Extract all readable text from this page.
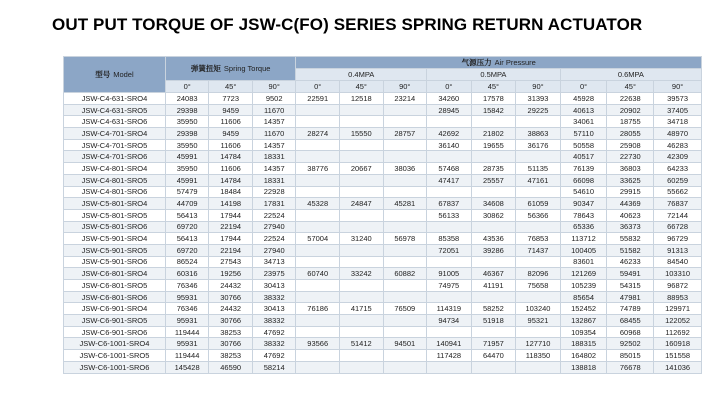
OUT PUT TORQUE OF JSW-C(FO) SERIES SPRING RETURN ACTUATOR
型号 Model	弹簧扭矩 Spring Torque			气源压力 Air Pressure								
				0.4MPA			0.5MPA			0.6MPA		
	0°	45°	90°	0°	45°	90°	0°	45°	90°	0°	45°	90°
JSW-C4-631-SRO4	24083	7723	9502	22591	12518	23214	34260	17578	31393	45928	22638	39573
JSW-C4-631-SRO5	29398	9459	11670				28945	15842	29225	40613	20902	37405
JSW-C4-631-SRO6	35950	11606	14357							34061	18755	34718
JSW-C4-701-SRO4	29398	9459	11670	28274	15550	28757	42692	21802	38863	57110	28055	48970
JSW-C4-701-SRO5	35950	11606	14357				36140	19655	36176	50558	25908	46283
JSW-C4-701-SRO6	45991	14784	18331							40517	22730	42309
JSW-C4-801-SRO4	35950	11606	14357	38776	20667	38036	57468	28735	51135	76139	36803	64233
JSW-C4-801-SRO5	45991	14784	18331				47417	25557	47161	66098	33625	60259
JSW-C4-801-SRO6	57479	18484	22928							54610	29915	55662
JSW-C5-801-SRO4	44709	14198	17831	45328	24847	45281	67837	34608	61059	90347	44369	76837
JSW-C5-801-SRO5	56413	17944	22524				56133	30862	56366	78643	40623	72144
JSW-C5-801-SRO6	69720	22194	27940							65336	36373	66728
JSW-C5-901-SRO4	56413	17944	22524	57004	31240	56978	85358	43536	76853	113712	55832	96729
JSW-C5-901-SRO5	69720	22194	27940				72051	39286	71437	100405	51582	91313
JSW-C5-901-SRO6	86524	27543	34713							83601	46233	84540
JSW-C6-801-SRO4	60316	19256	23975	60740	33242	60882	91005	46367	82096	121269	59491	103310
JSW-C6-801-SRO5	76346	24432	30413				74975	41191	75658	105239	54315	96872
JSW-C6-801-SRO6	95931	30766	38332							85654	47981	88953
JSW-C6-901-SRO4	76346	24432	30413	76186	41715	76509	114319	58252	103240	152452	74789	129971
JSW-C6-901-SRO5	95931	30766	38332				94734	51918	95321	132867	68455	122052
JSW-C6-901-SRO6	119444	38253	47692							109354	60968	112692
JSW-C6-1001-SRO4	95931	30766	38332	93566	51412	94501	140941	71957	127710	188315	92502	160918
JSW-C6-1001-SRO5	119444	38253	47692				117428	64470	118350	164802	85015	151558
JSW-C6-1001-SRO6	145428	46590	58214							138818	76678	141036
